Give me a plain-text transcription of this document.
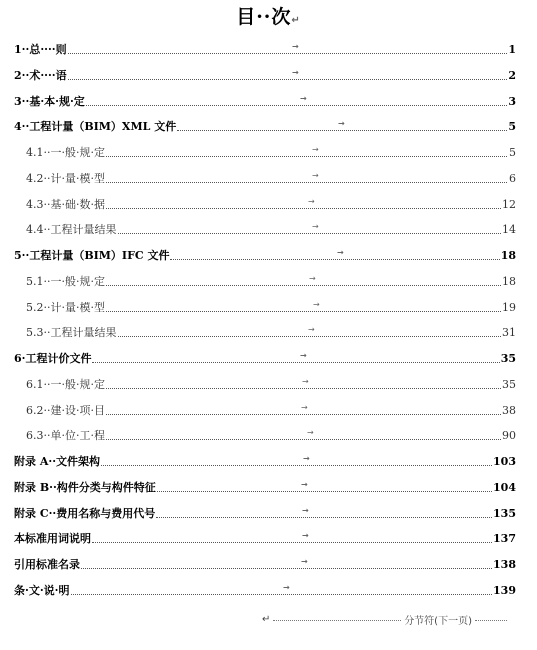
目··次↵
1··总····则	1
→
2··术····语	2
→
3··基·本·规·定	3
→
4··工程计量（BIM）XML 文件	5
→
4.1··一·般·规·定	5
→
4.2··计·量·模·型	6
→
4.3··基·础·数·据	12
→
4.4··工程计量结果	14
→
5··工程计量（BIM）IFC 文件	18
→
5.1··一·般·规·定	18
→
5.2··计·量·模·型	19
→
5.3··工程计量结果	31
→
6·工程计价文件	35
→
6.1··一·般·规·定	35
→
6.2··建·设·项·目	38
→
6.3··单·位·工·程	90
→
附录 A··文件架构	103
→
附录 B··构件分类与构件特征	104
→
附录 C··费用名称与费用代号	135
→
本标准用词说明	137
→
引用标准名录	138
→
条·文·说·明	139
→
↵	分节符(下一页)
